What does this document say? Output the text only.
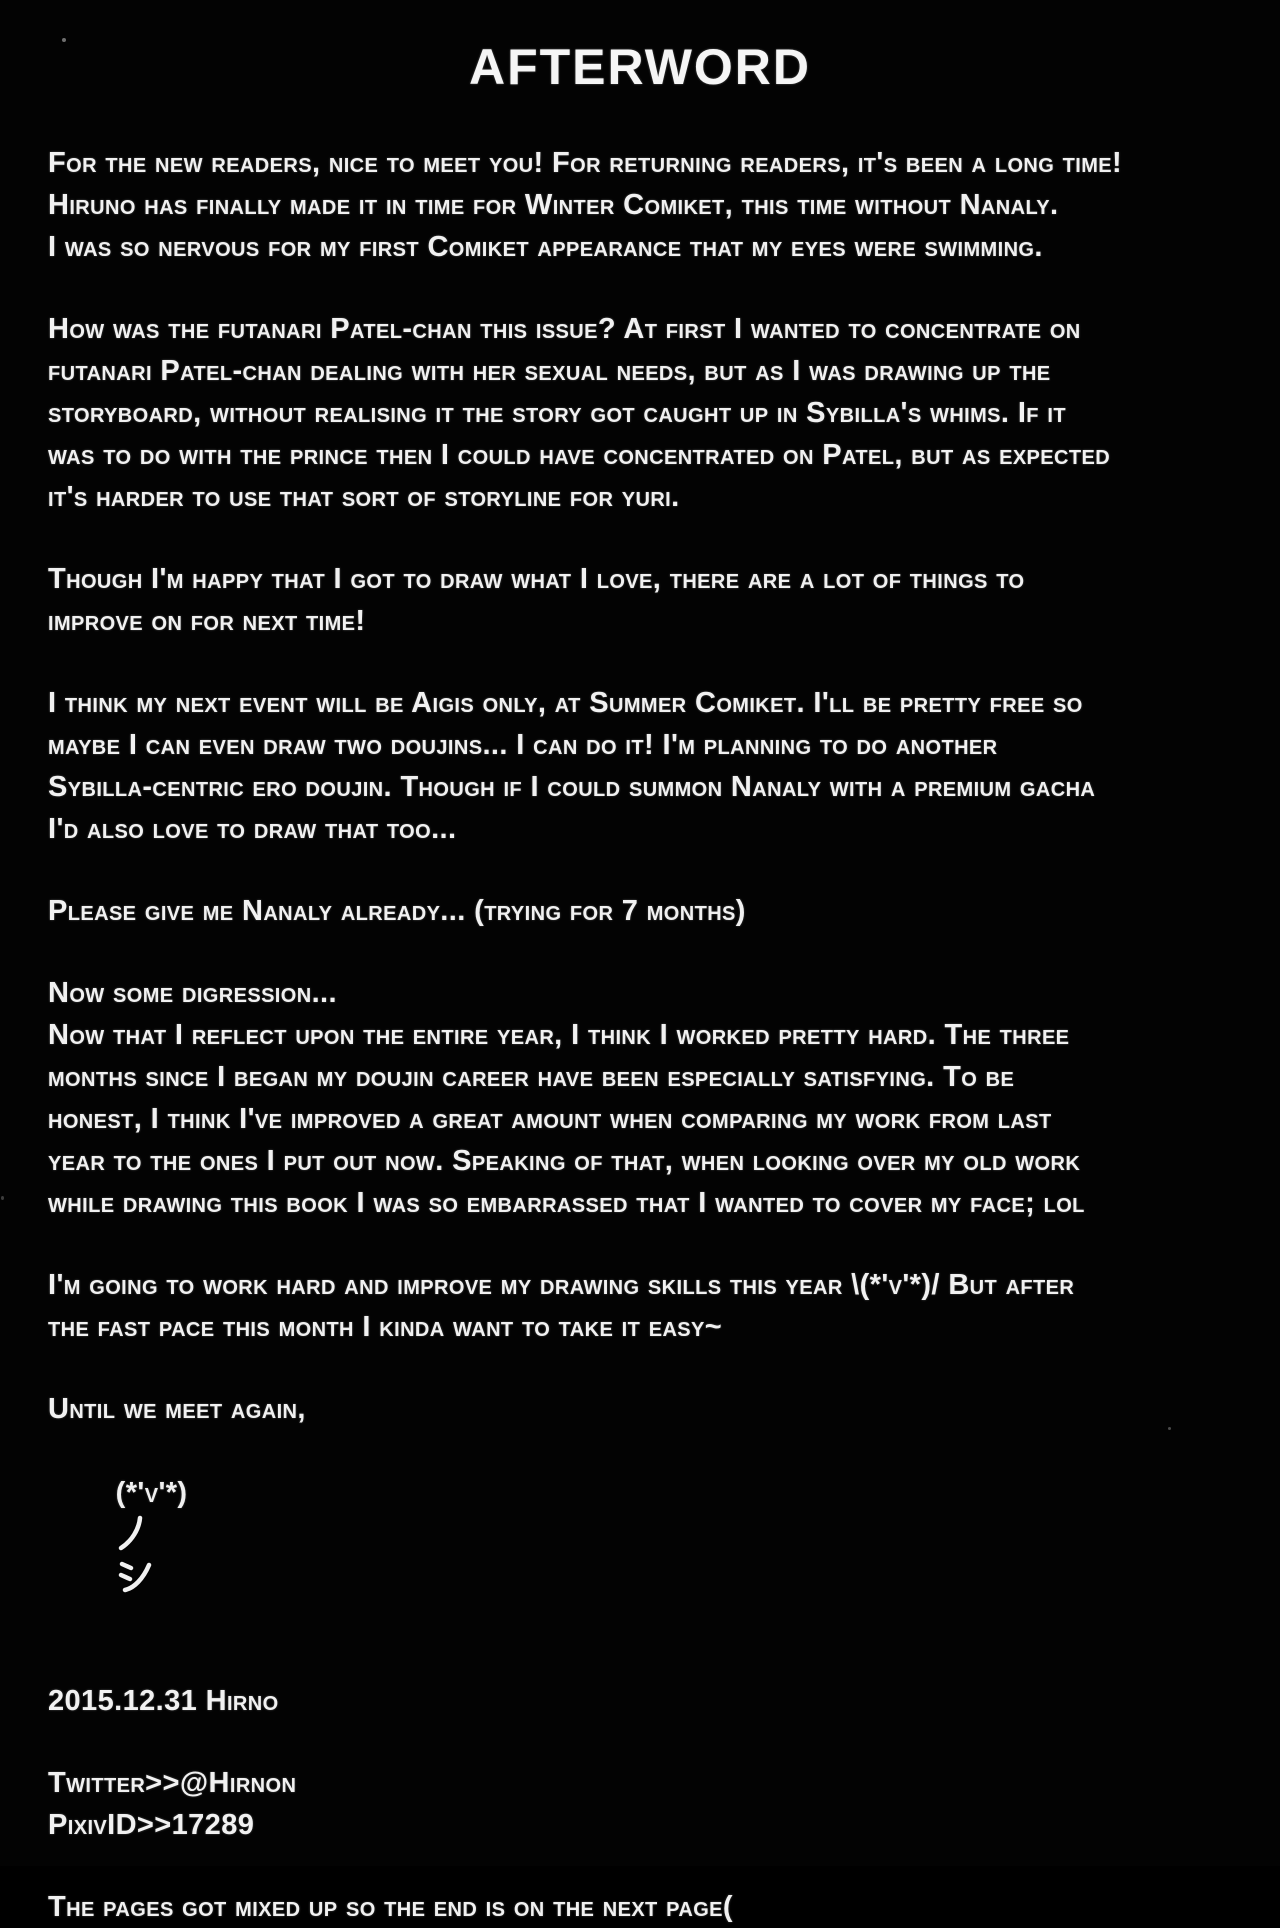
AFTERWORD
For the new readers, nice to meet you! For returning readers, it's been a long time!
Hiruno has finally made it in time for Winter Comiket, this time without Nanaly.
I was so nervous for my first Comiket appearance that my eyes were swimming.
How was the futanari Patel-chan this issue? At first I wanted to concentrate on
futanari Patel-chan dealing with her sexual needs, but as I was drawing up the
storyboard, without realising it the story got caught up in Sybilla's whims. If it
was to do with the prince then I could have concentrated on Patel, but as expected
it's harder to use that sort of storyline for yuri.
Though I'm happy that I got to draw what I love, there are a lot of things to
improve on for next time!
I think my next event will be Aigis only, at Summer Comiket. I'll be pretty free so
maybe I can even draw two doujins... I can do it! I'm planning to do another
Sybilla-centric ero doujin. Though if I could summon Nanaly with a premium gacha
I'd also love to draw that too...
Please give me Nanaly already... (trying for 7 months)
Now some digression...
Now that I reflect upon the entire year, I think I worked pretty hard. The three
months since I began my doujin career have been especially satisfying. To be
honest, I think I've improved a great amount when comparing my work from last
year to the ones I put out now. Speaking of that, when looking over my old work
while drawing this book I was so embarrassed that I wanted to cover my face; lol
I'm going to work hard and improve my drawing skills this year \(*'v'*)/ But after
the fast pace this month I kinda want to take it easy~
Until we meet again,

(*'v'*)

2015.12.31 Hirno
Twitter>>@Hirnon
PixivID>>17289
The pages got mixed up so the end is on the next page(
